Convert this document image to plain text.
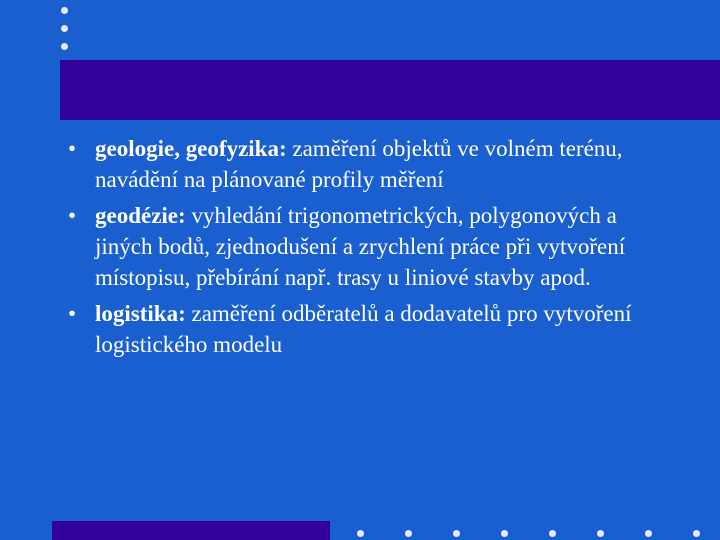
• geologie, geofyzika: zaměření objektů ve volném terénu, navádění na plánované profily měření
• geodézie: vyhledání trigonometrických, polygonových a jiných bodů, zjednodušení a zrychlení práce při vytvoření místopisu, přebírání např. trasy u liniové stavby apod.
• logistika: zaměření odběratelů a dodavatelů pro vytvoření logistického modelu
